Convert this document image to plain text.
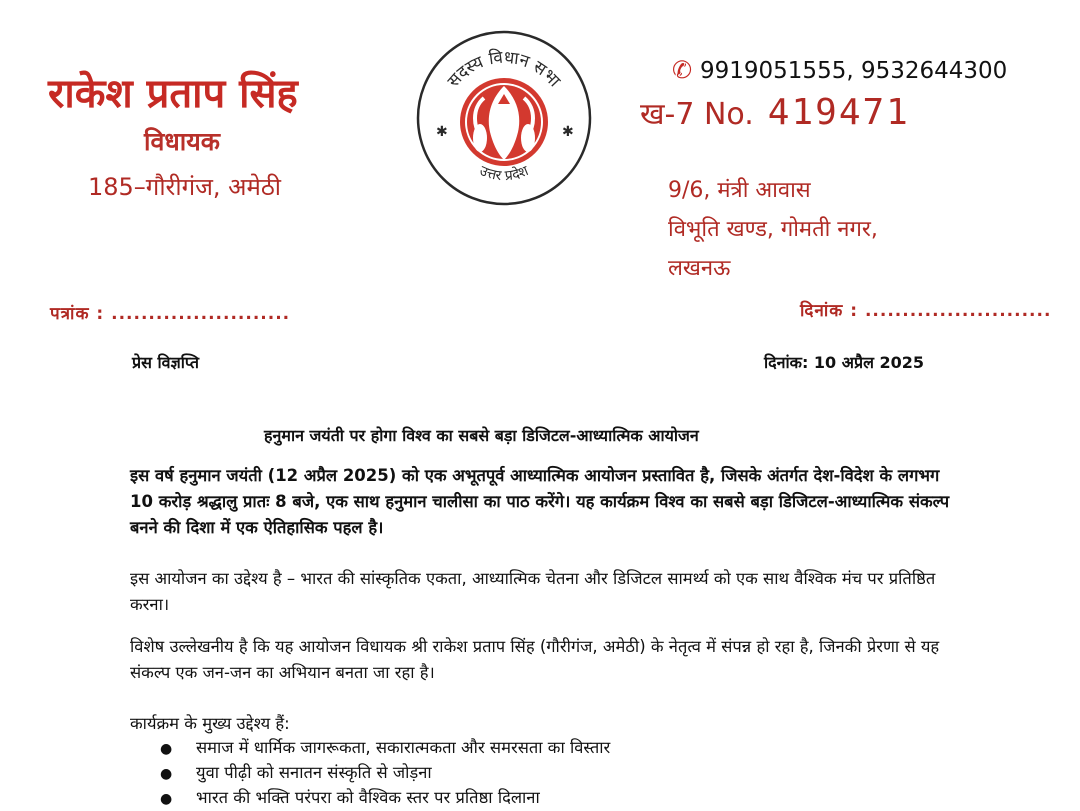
राकेश प्रताप सिंह
विधायक
185–गौरीगंज, अमेठी
सदस्य विधान सभा
उत्तर प्रदेश
✱	✱
✆ 9919051555, 9532644300
ख-7 No. 419471
9/6, मंत्री आवास
विभूति खण्ड, गोमती नगर,
लखनऊ
पत्रांक : ........................	दिनांक : .........................
प्रेस विज्ञप्ति	दिनांक: 10 अप्रैल 2025
हनुमान जयंती पर होगा विश्व का सबसे बड़ा डिजिटल-आध्यात्मिक आयोजन
इस वर्ष हनुमान जयंती (12 अप्रैल 2025) को एक अभूतपूर्व आध्यात्मिक आयोजन प्रस्तावित है, जिसके अंतर्गत देश-विदेश के लगभग 10 करोड़ श्रद्धालु प्रातः 8 बजे, एक साथ हनुमान चालीसा का पाठ करेंगे। यह कार्यक्रम विश्व का सबसे बड़ा डिजिटल-आध्यात्मिक संकल्प बनने की दिशा में एक ऐतिहासिक पहल है।
इस आयोजन का उद्देश्य है – भारत की सांस्कृतिक एकता, आध्यात्मिक चेतना और डिजिटल सामर्थ्य को एक साथ वैश्विक मंच पर प्रतिष्ठित करना।
विशेष उल्लेखनीय है कि यह आयोजन विधायक श्री राकेश प्रताप सिंह (गौरीगंज, अमेठी) के नेतृत्व में संपन्न हो रहा है, जिनकी प्रेरणा से यह संकल्प एक जन-जन का अभियान बनता जा रहा है।
कार्यक्रम के मुख्य उद्देश्य हैं:
● समाज में धार्मिक जागरूकता, सकारात्मकता और समरसता का विस्तार
● युवा पीढ़ी को सनातन संस्कृति से जोड़ना
● भारत की भक्ति परंपरा को वैश्विक स्तर पर प्रतिष्ठा दिलाना
